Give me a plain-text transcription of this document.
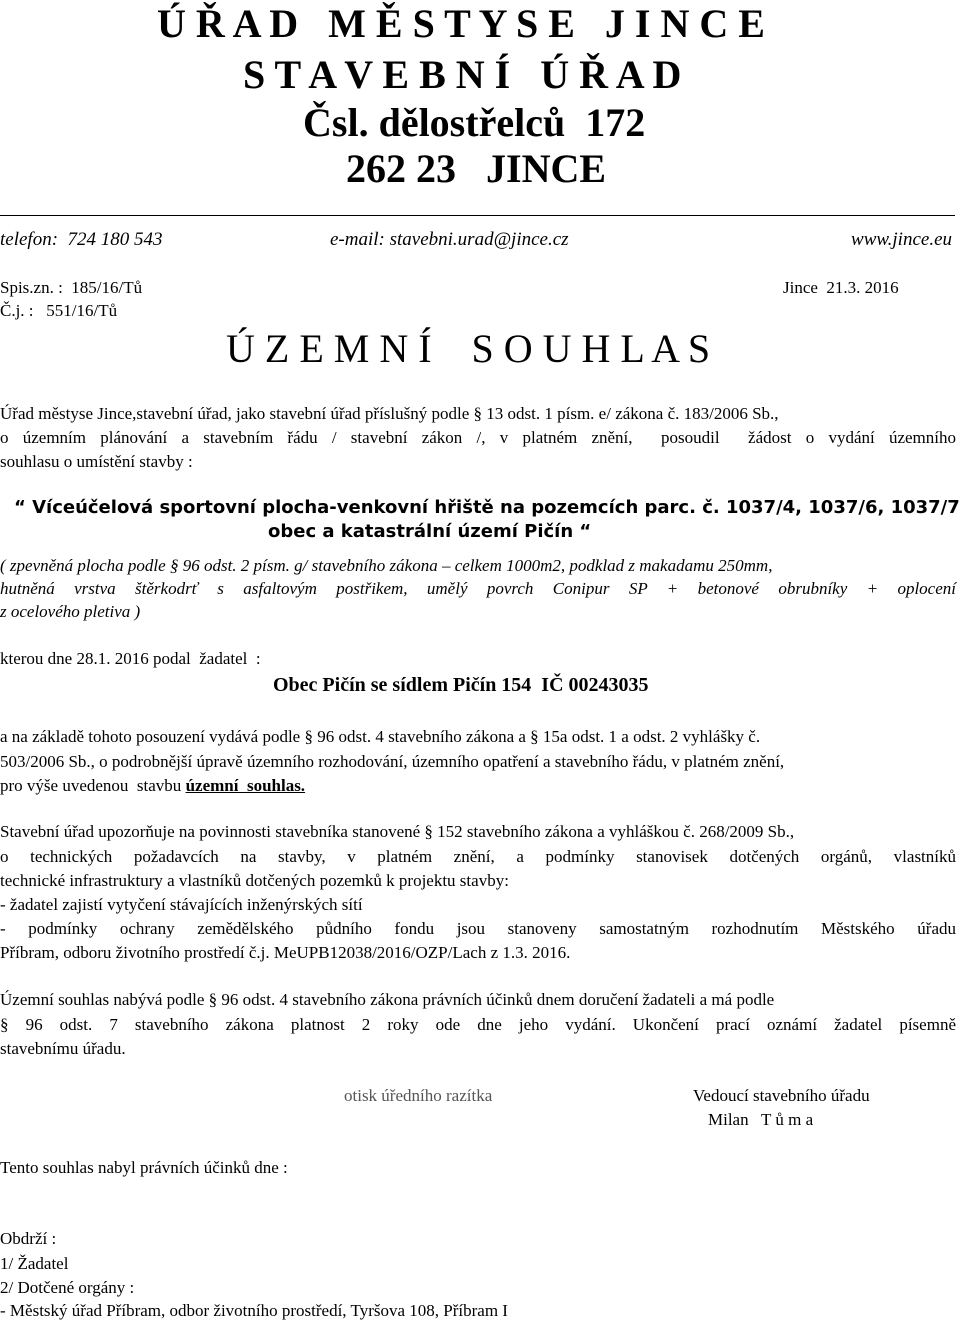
Ú Ř A D   M Ě S T Y S E   J I N C E
S T A V E B N Í   Ú Ř A D
Čsl. dělostřelců  172
262 23   JINCE
telefon:  724 180 543	e-mail: stavebni.urad@jince.cz	www.jince.eu
Spis.zn. :  185/16/Tů
Č.j. :   551/16/Tů
Jince  21.3. 2016
Ú Z E M N Í    S O U H L A S
Úřad městyse Jince,stavební úřad, jako stavební úřad příslušný podle § 13 odst. 1 písm. e/ zákona č. 183/2006 Sb.,
o územním plánování a stavebním řádu / stavební zákon /, v platném znění,  posoudil  žádost o vydání územního
souhlasu o umístění stavby :
“ Víceúčelová sportovní plocha-venkovní hřiště na pozemcích parc. č. 1037/4, 1037/6, 1037/7
obec a katastrální území Pičín “
( zpevněná plocha podle § 96 odst. 2 písm. g/ stavebního zákona – celkem 1000m2, podklad z makadamu 250mm,
hutněná vrstva štěrkodrť s asfaltovým postřikem, umělý povrch Conipur SP + betonové obrubníky + oplocení
z ocelového pletiva )
kterou dne 28.1. 2016 podal  žadatel  :
Obec Pičín se sídlem Pičín 154  IČ 00243035
a na základě tohoto posouzení vydává podle § 96 odst. 4 stavebního zákona a § 15a odst. 1 a odst. 2 vyhlášky č.
503/2006 Sb., o podrobnější úpravě územního rozhodování, územního opatření a stavebního řádu, v platném znění,
pro výše uvedenou  stavbu územní  souhlas.
Stavební úřad upozorňuje na povinnosti stavebníka stanovené § 152 stavebního zákona a vyhláškou č. 268/2009 Sb.,
o technických požadavcích na stavby, v platném znění, a podmínky stanovisek dotčených orgánů, vlastníků
technické infrastruktury a vlastníků dotčených pozemků k projektu stavby:
- žadatel zajistí vytyčení stávajících inženýrských sítí
- podmínky ochrany zemědělského půdního fondu jsou stanoveny samostatným rozhodnutím Městského úřadu
Příbram, odboru životního prostředí č.j. MeUPB12038/2016/OZP/Lach z 1.3. 2016.
Územní souhlas nabývá podle § 96 odst. 4 stavebního zákona právních účinků dnem doručení žadateli a má podle
§ 96 odst. 7 stavebního zákona platnost 2 roky ode dne jeho vydání. Ukončení prací oznámí žadatel písemně
stavebnímu úřadu.
otisk úředního razítka	Vedoucí stavebního úřadu
Milan   T ů m a
Tento souhlas nabyl právních účinků dne :
Obdrží :
1/ Žadatel
2/ Dotčené orgány :
- Městský úřad Příbram, odbor životního prostředí, Tyršova 108, Příbram I
